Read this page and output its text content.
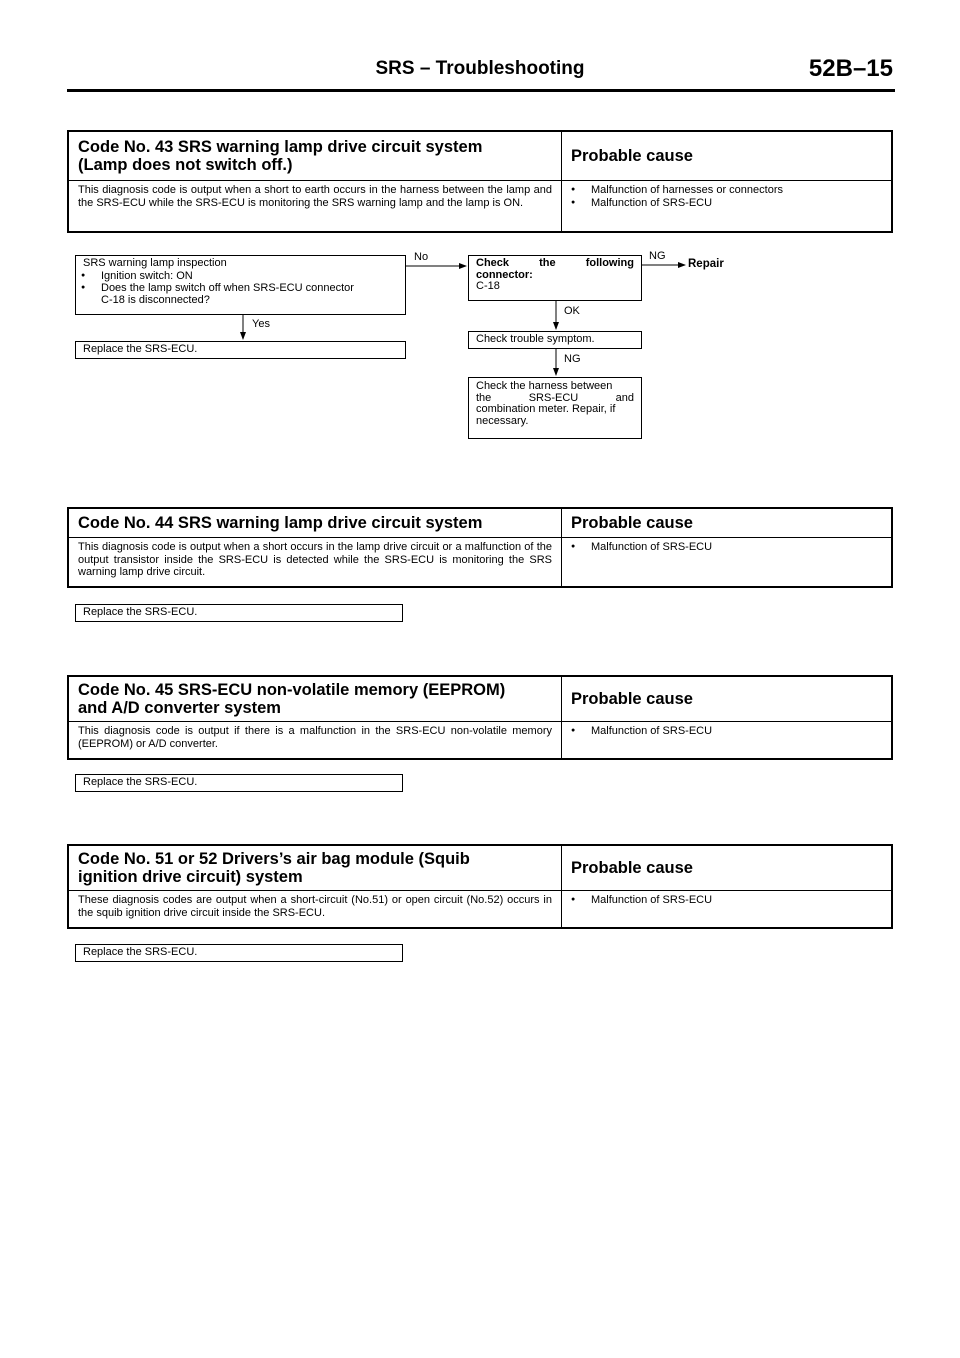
SRS – Troubleshooting	52B–15
Code No. 43 SRS warning lamp drive circuit system
(Lamp does not switch off.)	Probable cause
This diagnosis code is output when a short to earth occurs in the harness between the lamp and the SRS-ECU while the SRS-ECU is monitoring the SRS warning lamp and the lamp is ON.
● Malfunction of harnesses or connectors
● Malfunction of SRS-ECU
SRS warning lamp inspection
● Ignition switch: ON
● Does the lamp switch off when SRS-ECU connector
C-18 is disconnected?
Replace the SRS-ECU.
Check the following
connector:
C-18
Check trouble symptom.
Check the harness between
the SRS-ECU and
combination meter. Repair, if
necessary.
Repair
No
Yes
NG
OK
NG
Code No. 44 SRS warning lamp drive circuit system	Probable cause
This diagnosis code is output when a short occurs in the lamp drive circuit or a malfunction of the output transistor inside the SRS-ECU is detected while the SRS-ECU is monitoring the SRS warning lamp drive circuit.
● Malfunction of SRS-ECU
Replace the SRS-ECU.
Code No. 45 SRS-ECU non-volatile memory (EEPROM)
and A/D converter system	Probable cause
This diagnosis code is output if there is a malfunction in the SRS-ECU non-volatile memory (EEPROM) or A/D converter.
● Malfunction of SRS-ECU
Replace the SRS-ECU.
Code No. 51 or 52 Drivers’s air bag module (Squib
ignition drive circuit) system	Probable cause
These diagnosis codes are output when a short-circuit (No.51) or open circuit (No.52) occurs in the squib ignition drive circuit inside the SRS-ECU.
● Malfunction of SRS-ECU
Replace the SRS-ECU.
